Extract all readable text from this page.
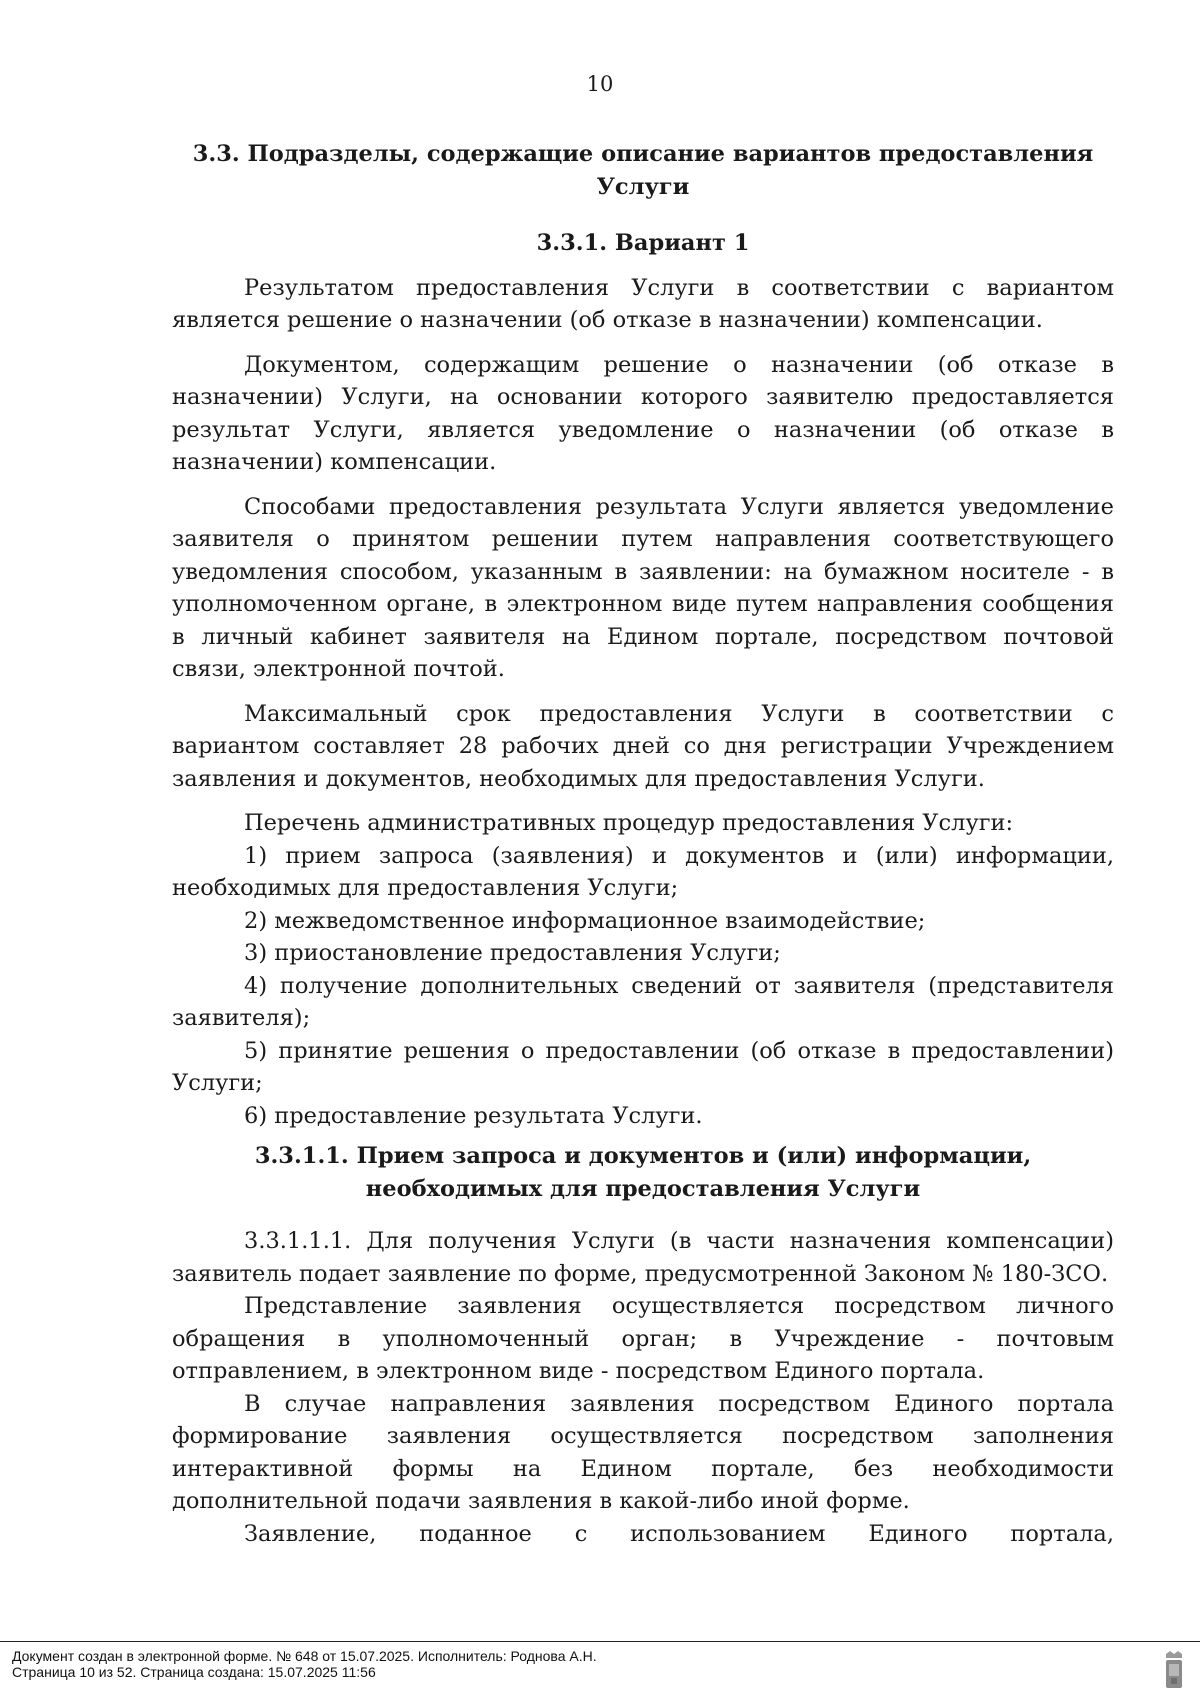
10
3.3. Подразделы, содержащие описание вариантов предоставления Услуги
3.3.1. Вариант 1

Результатом предоставления Услуги в соответствии с вариантом является решение о назначении (об отказе в назначении) компенсации.

Документом, содержащим решение о назначении (об отказе в назначении) Услуги, на основании которого заявителю предоставляется результат Услуги, является уведомление о назначении (об отказе в назначении) компенсации.

Способами предоставления результата Услуги является уведомление заявителя о принятом решении путем направления соответствующего уведомления способом, указанным в заявлении: на бумажном носителе - в уполномоченном органе, в электронном виде путем направления сообщения в личный кабинет заявителя на Едином портале, посредством почтовой связи, электронной почтой.

Максимальный срок предоставления Услуги в соответствии с вариантом составляет 28 рабочих дней со дня регистрации Учреждением заявления и документов, необходимых для предоставления Услуги.

Перечень административных процедур предоставления Услуги:

1) прием запроса (заявления) и документов и (или) информации, необходимых для предоставления Услуги;
2) межведомственное информационное взаимодействие;
3) приостановление предоставления Услуги;
4) получение дополнительных сведений от заявителя (представителя заявителя);
5) принятие решения о предоставлении (об отказе в предоставлении) Услуги;
6) предоставление результата Услуги.
3.3.1.1. Прием запроса и документов и (или) информации, необходимых для предоставления Услуги

3.3.1.1.1. Для получения Услуги (в части назначения компенсации) заявитель подает заявление по форме, предусмотренной Законом № 180-ЗСО.

Представление заявления осуществляется посредством личного обращения в уполномоченный орган; в Учреждение - почтовым отправлением, в электронном виде - посредством Единого портала.

В случае направления заявления посредством Единого портала формирование заявления осуществляется посредством заполнения интерактивной формы на Едином портале, без необходимости дополнительной подачи заявления в какой-либо иной форме.

Заявление, поданное с использованием Единого портала,

Документ создан в электронной форме. № 648 от 15.07.2025. Исполнитель: Роднова А.Н.
Страница 10 из 52. Страница создана: 15.07.2025 11:56
